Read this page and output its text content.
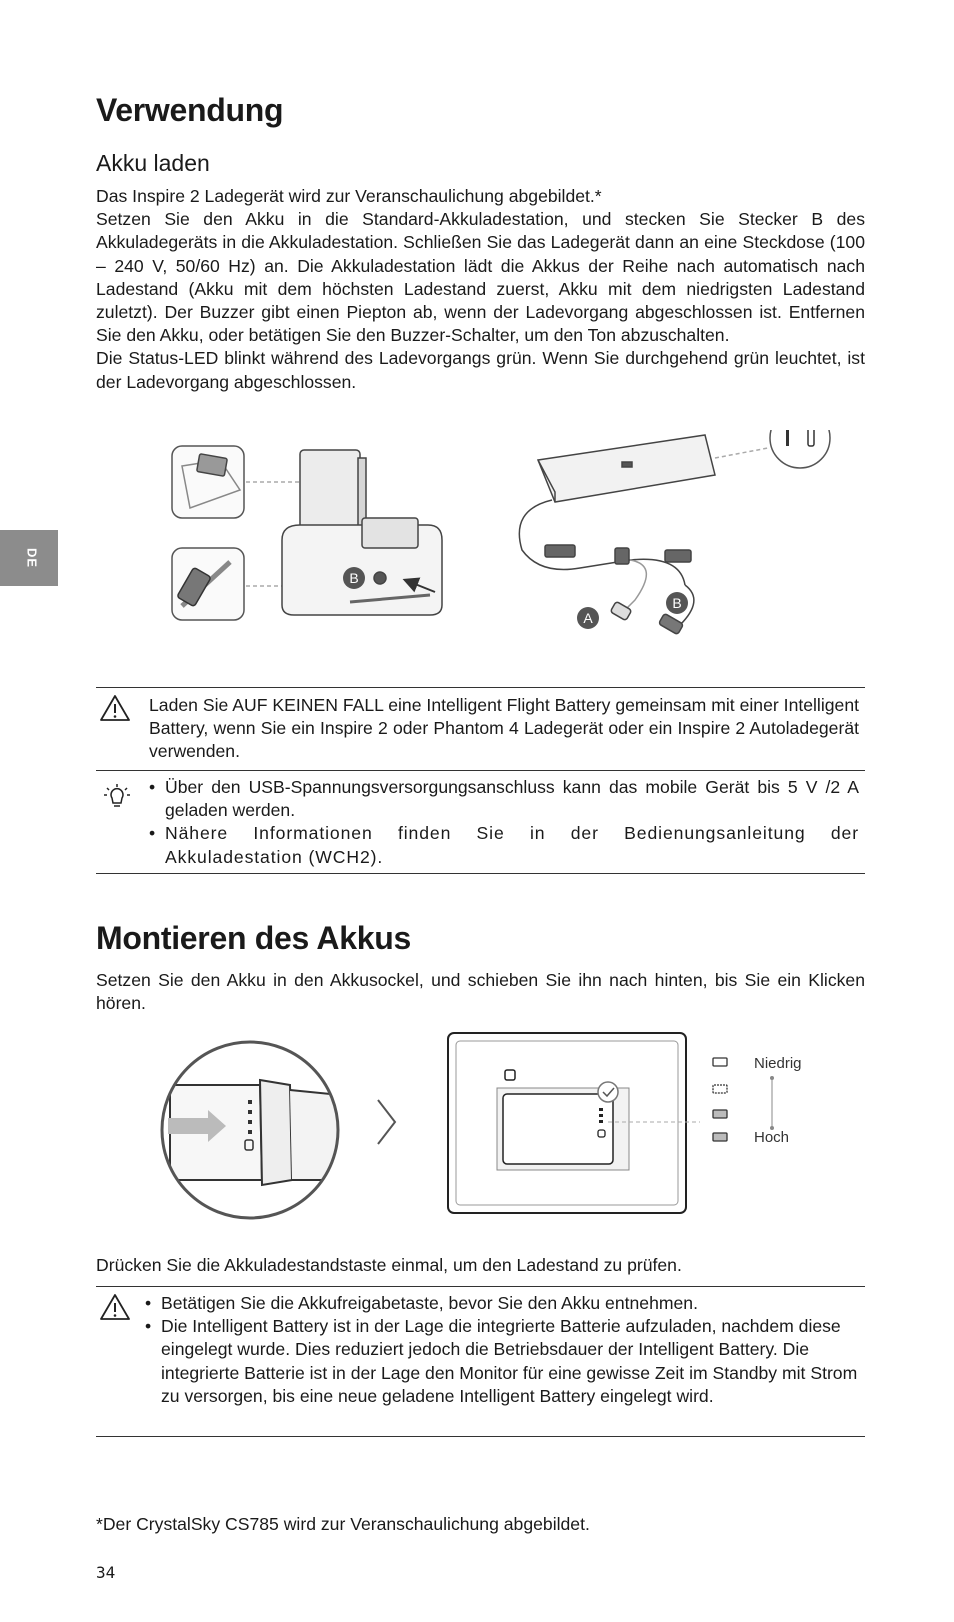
DE
Verwendung
Akku laden

Das Inspire 2 Ladegerät wird zur Veranschaulichung abgebildet.*

Setzen Sie den Akku in die Standard-Akkuladestation, und stecken Sie Stecker B des Akkuladegeräts in die Akkuladestation. Schließen Sie das Ladegerät dann an eine Steckdose (100 – 240 V, 50/60 Hz) an. Die Akkuladestation lädt die Akkus der Reihe nach automatisch nach Ladestand (Akku mit dem höchsten Ladestand zuerst, Akku mit dem niedrigsten Ladestand zuletzt). Der Buzzer gibt einen Piepton ab, wenn der Ladevorgang abgeschlossen ist. Entfernen Sie den Akku, oder betätigen Sie den Buzzer-Schalter, um den Ton abzuschalten.

Die Status-LED blinkt während des Ladevorgangs grün. Wenn Sie durchgehend grün leuchtet, ist der Ladevorgang abgeschlossen.

B
A
B
Laden Sie AUF KEINEN FALL eine Intelligent Flight Battery gemeinsam mit einer Intelligent Battery, wenn Sie ein Inspire 2 oder Phantom 4 Ladegerät oder ein Inspire 2 Autoladegerät verwenden.
• Über den USB-Spannungsversorgungsanschluss kann das mobile Gerät bis 5 V /2 A geladen werden.
• Nähere Informationen finden Sie in der Bedienungsanleitung der Akkuladestation (WCH2).
Montieren des Akkus
Setzen Sie den Akku in den Akkusockel, und schieben Sie ihn nach hinten, bis Sie ein Klicken hören.
Niedrig
Hoch
Drücken Sie die Akkuladestandstaste einmal, um den Ladestand zu prüfen.
• Betätigen Sie die Akkufreigabetaste, bevor Sie den Akku entnehmen.
• Die Intelligent Battery ist in der Lage die integrierte Batterie aufzuladen, nachdem diese eingelegt wurde. Dies reduziert jedoch die Betriebsdauer der Intelligent Battery. Die integrierte Batterie ist in der Lage den Monitor für eine gewisse Zeit im Standby mit Strom zu versorgen, bis eine neue geladene Intelligent Battery eingelegt wird.
*Der CrystalSky CS785 wird zur Veranschaulichung abgebildet.
34
